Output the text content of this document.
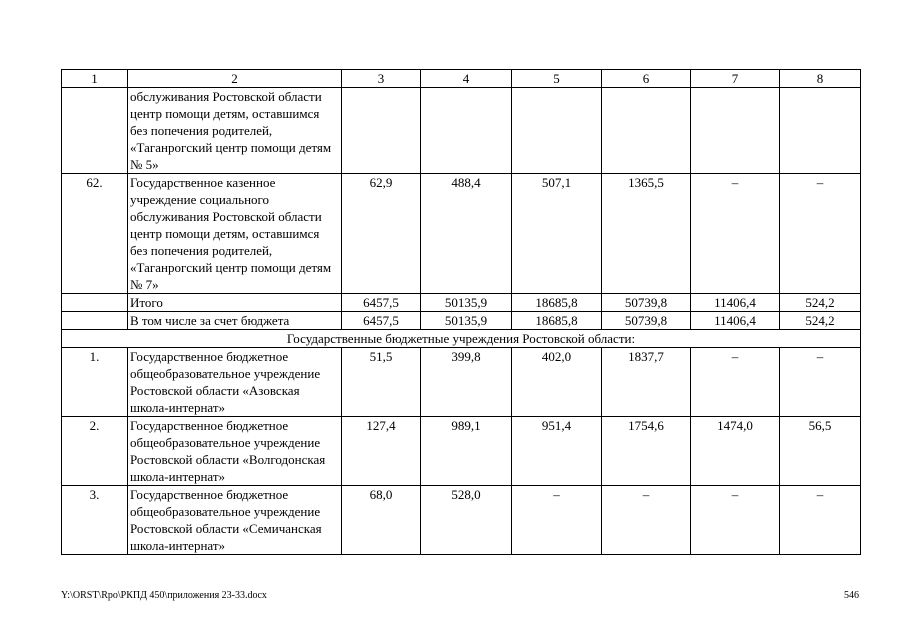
1	2	3	4	5	6	7	8
	обслуживания Ростовской области центр помощи детям, оставшимся без попечения родителей, «Таганрогский центр помощи детям № 5»						
62.	Государственное казенное учреждение социального обслуживания Ростовской области центр помощи детям, оставшимся без попечения родителей, «Таганрогский центр помощи детям № 7»	62,9	488,4	507,1	1365,5	–	–
	Итого	6457,5	50135,9	18685,8	50739,8	11406,4	524,2
	В том числе за счет бюджета	6457,5	50135,9	18685,8	50739,8	11406,4	524,2
Государственные бюджетные учреждения Ростовской области:							
1.	Государственное бюджетное общеобразовательное учреждение Ростовской области «Азовская школа-интернат»	51,5	399,8	402,0	1837,7	–	–
2.	Государственное бюджетное общеобразовательное учреждение Ростовской области «Волгодонская школа-интернат»	127,4	989,1	951,4	1754,6	1474,0	56,5
3.	Государственное бюджетное общеобразовательное учреждение Ростовской области «Семичанская школа-интернат»	68,0	528,0	–	–	–	–
Y:\ORST\Rpo\РКПД 450\приложения 23-33.docx	546
